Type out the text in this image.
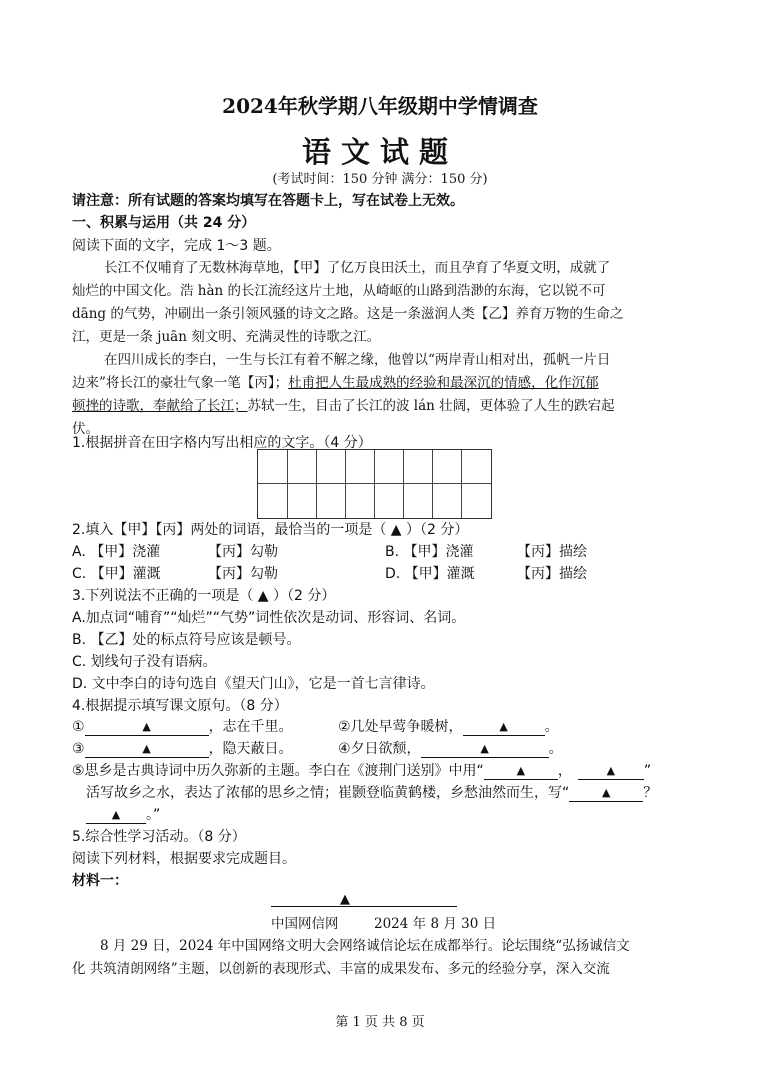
2024年秋学期八年级期中学情调查
语文试题
(考试时间：150 分钟 满分：150 分)
请注意：所有试题的答案均填写在答题卡上，写在试卷上无效。
一、积累与运用（共 24 分）
阅读下面的文字，完成 1～3 题。
长江不仅哺育了无数林海草地，【甲】了亿万良田沃土，而且孕育了华夏文明，成就了
灿烂的中国文化。浩 hàn 的长江流经这片土地，从崎岖的山路到浩渺的东海，它以锐不可
dāng 的气势，冲刷出一条引领风骚的诗文之路。这是一条滋润人类【乙】养育万物的生命之
江，更是一条 juān 刻文明、充满灵性的诗歌之江。
在四川成长的李白，一生与长江有着不解之缘，他曾以“两岸青山相对出，孤帆一片日
边来”将长江的豪壮气象一笔【丙】；杜甫把人生最成熟的经验和最深沉的情感，化作沉郁
顿挫的诗歌，奉献给了长江；苏轼一生，目击了长江的波 lán 壮阔，更体验了人生的跌宕起
伏。
1.根据拼音在田字格内写出相应的文字。（4 分）
2.填入【甲】【丙】两处的词语，最恰当的一项是（ ▲ ）（2 分）
A. 【甲】浇灌	【丙】勾勒	B. 【甲】浇灌	【丙】描绘
C. 【甲】灌溉	【丙】勾勒	D. 【甲】灌溉	【丙】描绘
3.下列说法不正确的一项是（ ▲ ）（2 分）
A.加点词“哺育”“灿烂”“气势”词性依次是动词、形容词、名词。
B. 【乙】处的标点符号应该是顿号。
C. 划线句子没有语病。
D. 文中李白的诗句选自《望天门山》，它是一首七言律诗。
4.根据提示填写课文原句。（8 分）
①	▲	，志在千里。	②几处早莺争暖树，	▲	。
③	▲	，隐天蔽日。	④夕日欲颓，	▲	。
⑤思乡是古典诗词中历久弥新的主题。李白在《渡荆门送别》中用“	▲ ，	▲ ”
活写故乡之水，表达了浓郁的思乡之情；崔颢登临黄鹤楼，乡愁油然而生，写“	▲ ？
▲ 。”
5.综合性学习活动。（8 分）
阅读下列材料，根据要求完成题目。
材料一：
▲
中国网信网	2024 年 8 月 30 日
8 月 29 日，2024 年中国网络文明大会网络诚信论坛在成都举行。论坛围绕“弘扬诚信文
化 共筑清朗网络”主题，以创新的表现形式、丰富的成果发布、多元的经验分享，深入交流
第 1 页 共 8 页
